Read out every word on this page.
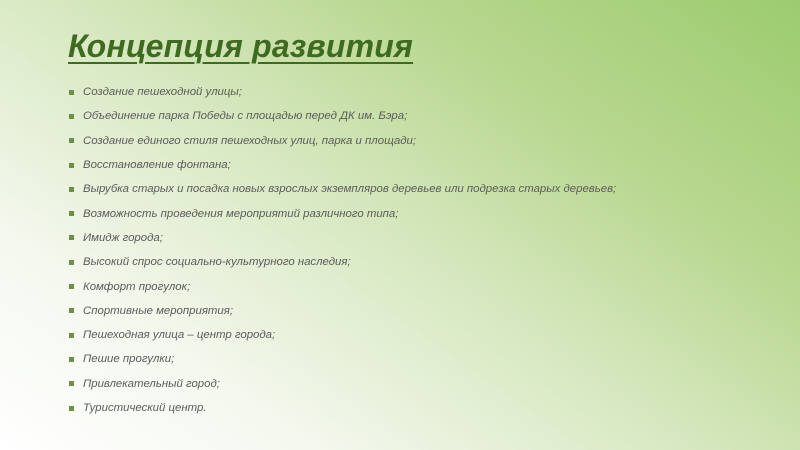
Концепция развития
Создание пешеходной улицы;
Объединение парка Победы с площадью перед ДК им. Бэра;
Создание единого стиля пешеходных улиц, парка и площади;
Восстановление фонтана;
Вырубка старых и посадка новых взрослых экземпляров деревьев или подрезка старых деревьев;
Возможность проведения мероприятий различного типа;
Имидж города;
Высокий спрос социально-культурного наследия;
Комфорт прогулок;
Спортивные мероприятия;
Пешеходная улица – центр города;
Пешие прогулки;
Привлекательный город;
Туристический центр.
